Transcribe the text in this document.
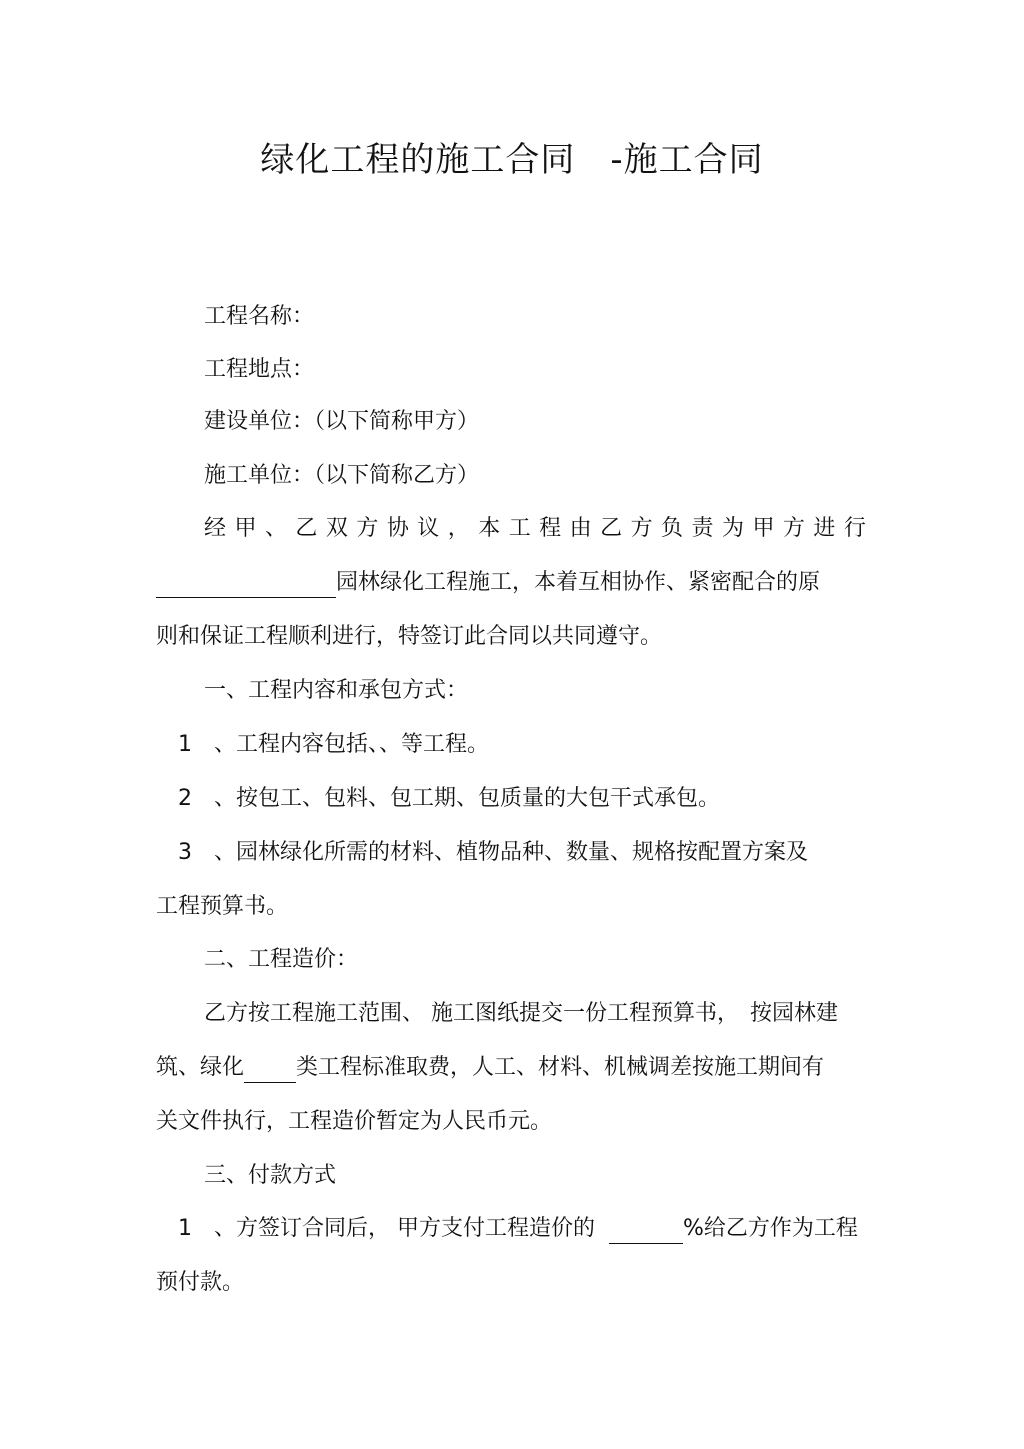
绿化工程的施工合同　-施工合同
工程名称：
工程地点：
建设单位：（以下简称甲方）
施工单位：（以下简称乙方）
经 甲 、 乙 双 方 协 议 ， 本 工 程 由 乙 方 负 责 为 甲 方 进 行
园林绿化工程施工，本着互相协作、紧密配合的原
则和保证工程顺利进行，特签订此合同以共同遵守。
一、工程内容和承包方式：
1 、工程内容包括、、等工程。
2 、按包工、包料、包工期、包质量的大包干式承包。
3 、园林绿化所需的材料、植物品种、数量、规格按配置方案及
工程预算书。
二、工程造价：
乙方按工程施工范围、 施工图纸提交一份工程预算书，　按园林建
筑、绿化 类工程标准取费，人工、材料、机械调差按施工期间有
关文件执行，工程造价暂定为人民币元。
三、付款方式
1 、方签订合同后， 甲方支付工程造价的	%给乙方作为工程
预付款。
